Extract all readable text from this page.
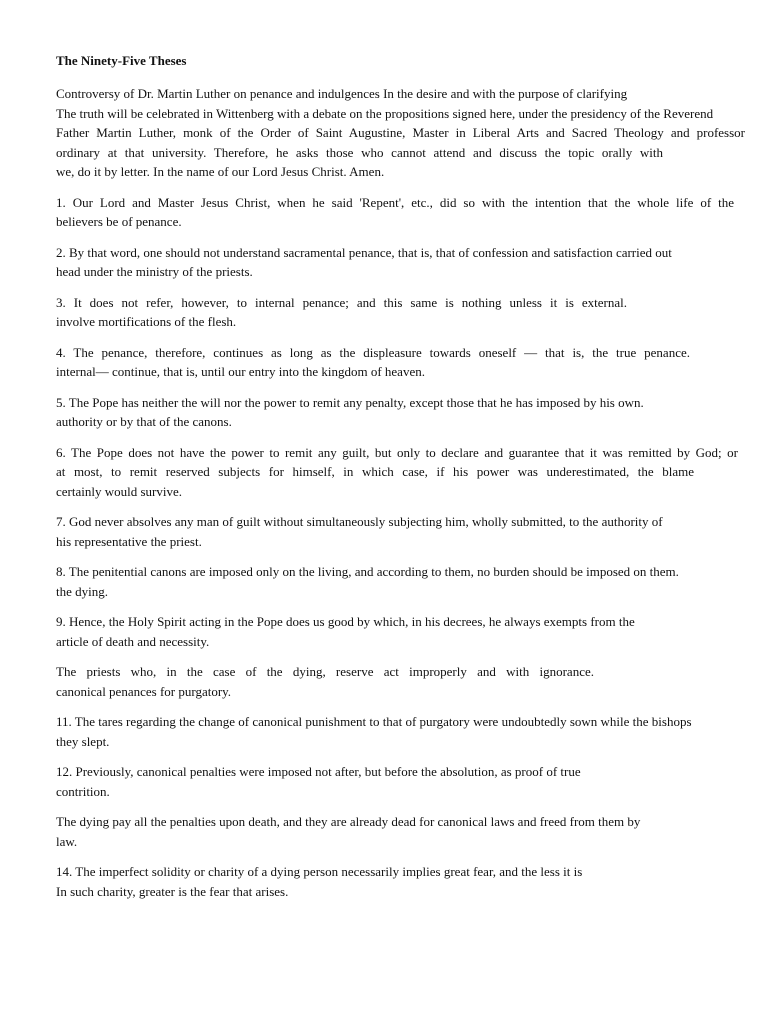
The Ninety-Five Theses
Controversy of Dr. Martin Luther on penance and indulgences In the desire and with the purpose of clarifying
The truth will be celebrated in Wittenberg with a debate on the propositions signed here, under the presidency of the Reverend
Father Martin Luther, monk of the Order of Saint Augustine, Master in Liberal Arts and Sacred Theology and professor
ordinary at that university. Therefore, he asks those who cannot attend and discuss the topic orally with
we, do it by letter. In the name of our Lord Jesus Christ. Amen.
1. Our Lord and Master Jesus Christ, when he said 'Repent', etc., did so with the intention that the whole life of the
believers be of penance.
2. By that word, one should not understand sacramental penance, that is, that of confession and satisfaction carried out
head under the ministry of the priests.
3. It does not refer, however, to internal penance; and this same is nothing unless it is external.
involve mortifications of the flesh.
4. The penance, therefore, continues as long as the displeasure towards oneself — that is, the true penance.
internal— continue, that is, until our entry into the kingdom of heaven.
5. The Pope has neither the will nor the power to remit any penalty, except those that he has imposed by his own.
authority or by that of the canons.
6. The Pope does not have the power to remit any guilt, but only to declare and guarantee that it was remitted by God; or
at most, to remit reserved subjects for himself, in which case, if his power was underestimated, the blame
certainly would survive.
7. God never absolves any man of guilt without simultaneously subjecting him, wholly submitted, to the authority of
his representative the priest.
8. The penitential canons are imposed only on the living, and according to them, no burden should be imposed on them.
the dying.
9. Hence, the Holy Spirit acting in the Pope does us good by which, in his decrees, he always exempts from the
article of death and necessity.
The priests who, in the case of the dying, reserve act improperly and with ignorance.
canonical penances for purgatory.
11. The tares regarding the change of canonical punishment to that of purgatory were undoubtedly sown while the bishops
they slept.
12. Previously, canonical penalties were imposed not after, but before the absolution, as proof of true
contrition.
The dying pay all the penalties upon death, and they are already dead for canonical laws and freed from them by
law.
14. The imperfect solidity or charity of a dying person necessarily implies great fear, and the less it is
In such charity, greater is the fear that arises.
